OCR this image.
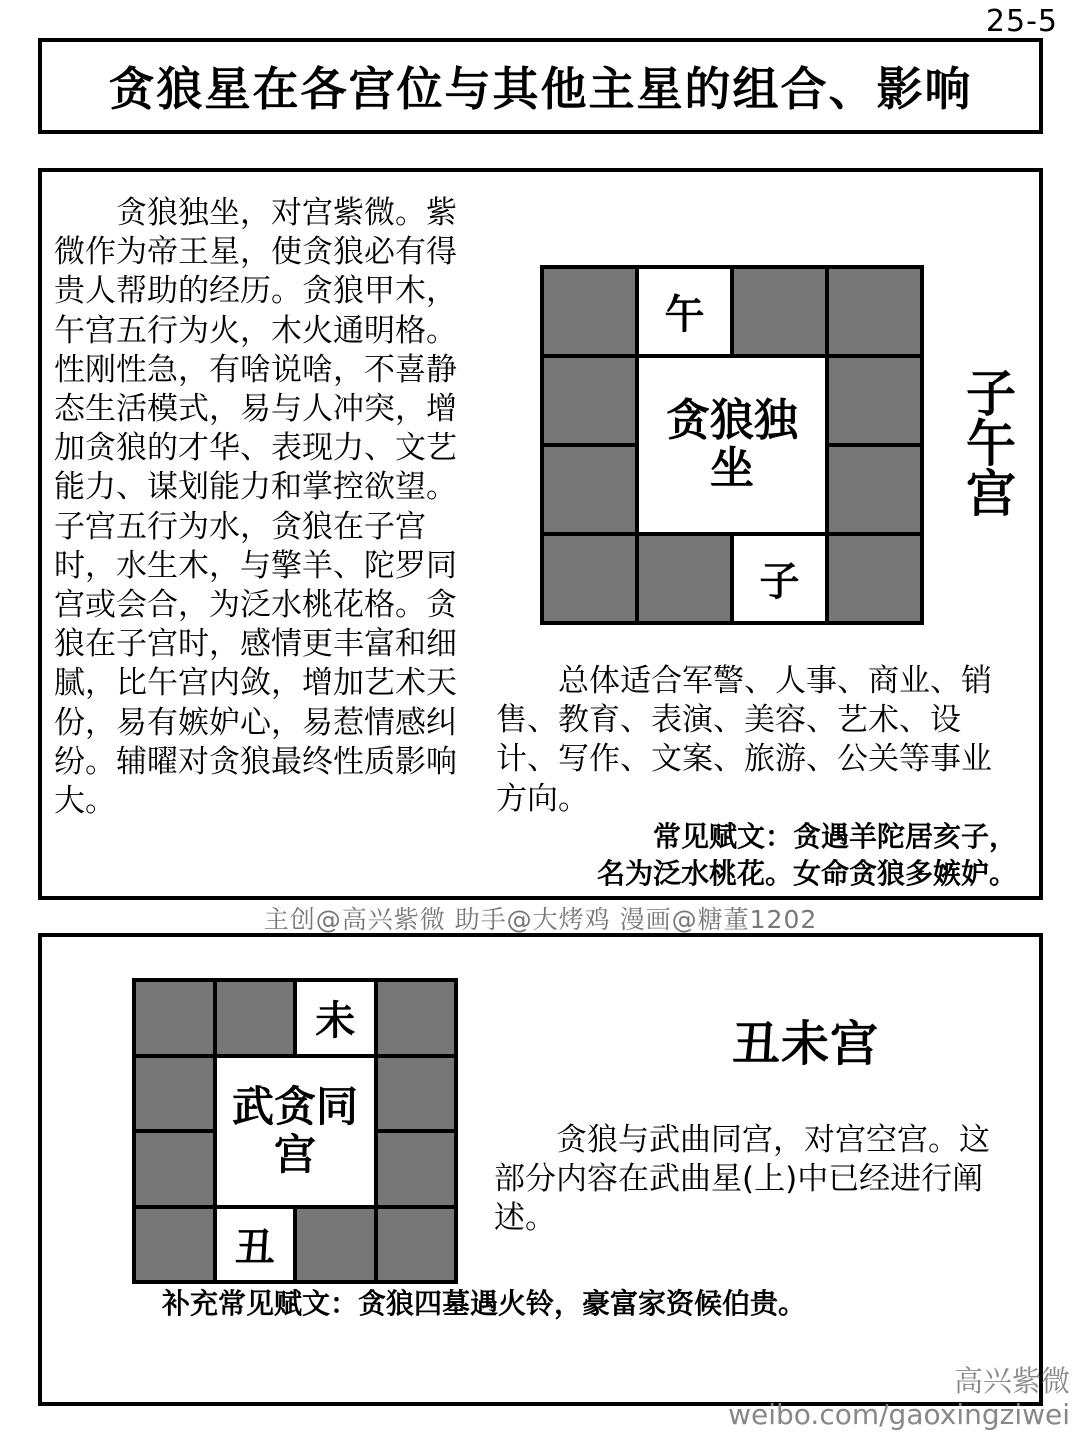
25-5
贪狼星在各宫位与其他主星的组合、影响

贪狼独坐，对宫紫微。紫微作为帝王星，使贪狼必有得贵人帮助的经历。贪狼甲木，午宫五行为火，木火通明格。性刚性急，有啥说啥，不喜静态生活模式，易与人冲突，增加贪狼的才华、表现力、文艺能力、谋划能力和掌控欲望。子宫五行为水，贪狼在子宫时，水生木，与擎羊、陀罗同宫或会合，为泛水桃花格。贪狼在子宫时，感情更丰富和细腻，比午宫内敛，增加艺术天份，易有嫉妒心，易惹情感纠纷。辅曜对贪狼最终性质影响大。

午
贪狼独坐
子
子午宫

总体适合军警、人事、商业、销售、教育、表演、美容、艺术、设计、写作、文案、旅游、公关等事业方向。

常见赋文：贪遇羊陀居亥子，
名为泛水桃花。女命贪狼多嫉妒。
主创@高兴紫微 助手@大烤鸡 漫画@糖董1202
未
武贪同宫
丑
丑未宫

贪狼与武曲同宫，对宫空宫。这部分内容在武曲星(上)中已经进行阐述。

补充常见赋文：贪狼四墓遇火铃，豪富家资候伯贵。
高兴紫微
weibo.com/gaoxingziwei
